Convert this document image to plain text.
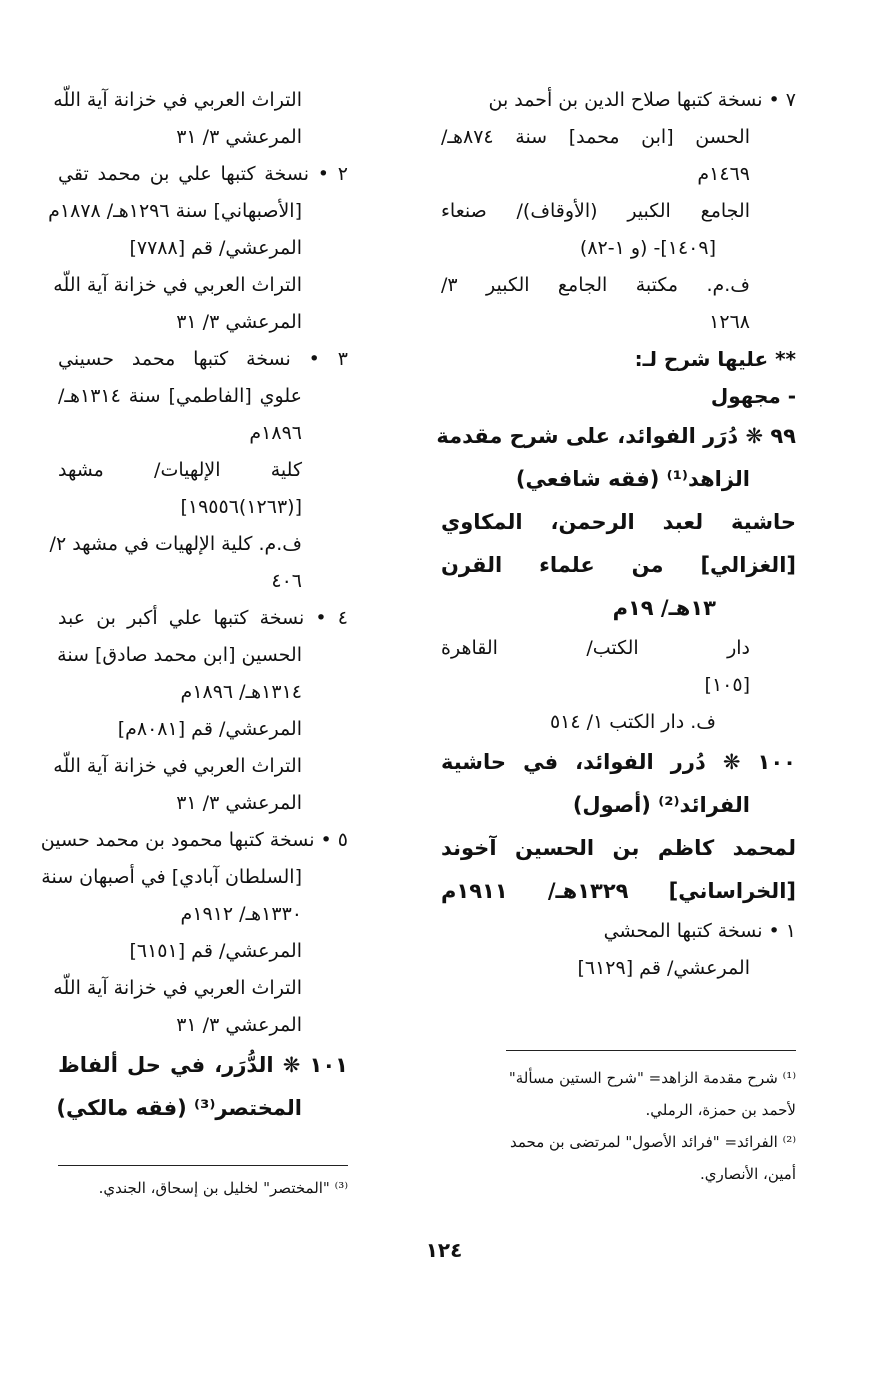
٧ • نسخة كتبها صلاح الدين بن أحمد بن
الحسن [ابن محمد] سنة ٨٧٤هـ/
١٤٦٩م
الجامع الكبير (الأوقاف)/ صنعاء
[١٤٠٩]- (و ١-٨٢)
ف.م. مكتبة الجامع الكبير ٣/
١٢٦٨
** عليها شرح لـ:
- مجهول
٩٩ ❋ دُرَر الفوائد، على شرح مقدمة
الزاهد⁽¹⁾ (فقه شافعي)
حاشية لعبد الرحمن، المكاوي
[الغزالي] من علماء القرن
١٣هـ/ ١٩م
دار الكتب/ القاهرة
[١٠٥]
ف. دار الكتب ١/ ٥١٤
١٠٠ ❋ دُرر الفوائد، في حاشية
الفرائد⁽²⁾ (أصول)
لمحمد كاظم بن الحسين آخوند
[الخراساني] ١٣٢٩هـ/ ١٩١١م
١ • نسخة كتبها المحشي
المرعشي/ قم [٦١٢٩]
التراث العربي في خزانة آية اللّه
المرعشي ٣/ ٣١
٢ • نسخة كتبها علي بن محمد تقي
[الأصبهاني] سنة ١٢٩٦هـ/ ١٨٧٨م
المرعشي/ قم [٧٧٨٨]
التراث العربي في خزانة آية اللّه
المرعشي ٣/ ٣١
٣ • نسخة كتبها محمد حسيني
علوي [الفاطمي] سنة ١٣١٤هـ/
١٨٩٦م
كلية الإلهيات/ مشهد
[(١٢٦٣)١٩٥٥٦]
ف.م. كلية الإلهيات في مشهد ٢/
٤٠٦
٤ • نسخة كتبها علي أكبر بن عبد
الحسين [ابن محمد صادق] سنة
١٣١٤هـ/ ١٨٩٦م
المرعشي/ قم [٨٠٨١م]
التراث العربي في خزانة آية اللّه
المرعشي ٣/ ٣١
٥ • نسخة كتبها محمود بن محمد حسين
[السلطان آبادي] في أصبهان سنة
١٣٣٠هـ/ ١٩١٢م
المرعشي/ قم [٦١٥١]
التراث العربي في خزانة آية اللّه
المرعشي ٣/ ٣١
١٠١ ❋ الدُّرَر، في حل ألفاظ
المختصر⁽³⁾ (فقه مالكي)
⁽¹⁾ شرح مقدمة الزاهد= "شرح الستين مسألة"
لأحمد بن حمزة، الرملي.
⁽²⁾ الفرائد= "فرائد الأصول" لمرتضى بن محمد
أمين، الأنصاري.
⁽³⁾ "المختصر" لخليل بن إسحاق، الجندي.
١٢٤
